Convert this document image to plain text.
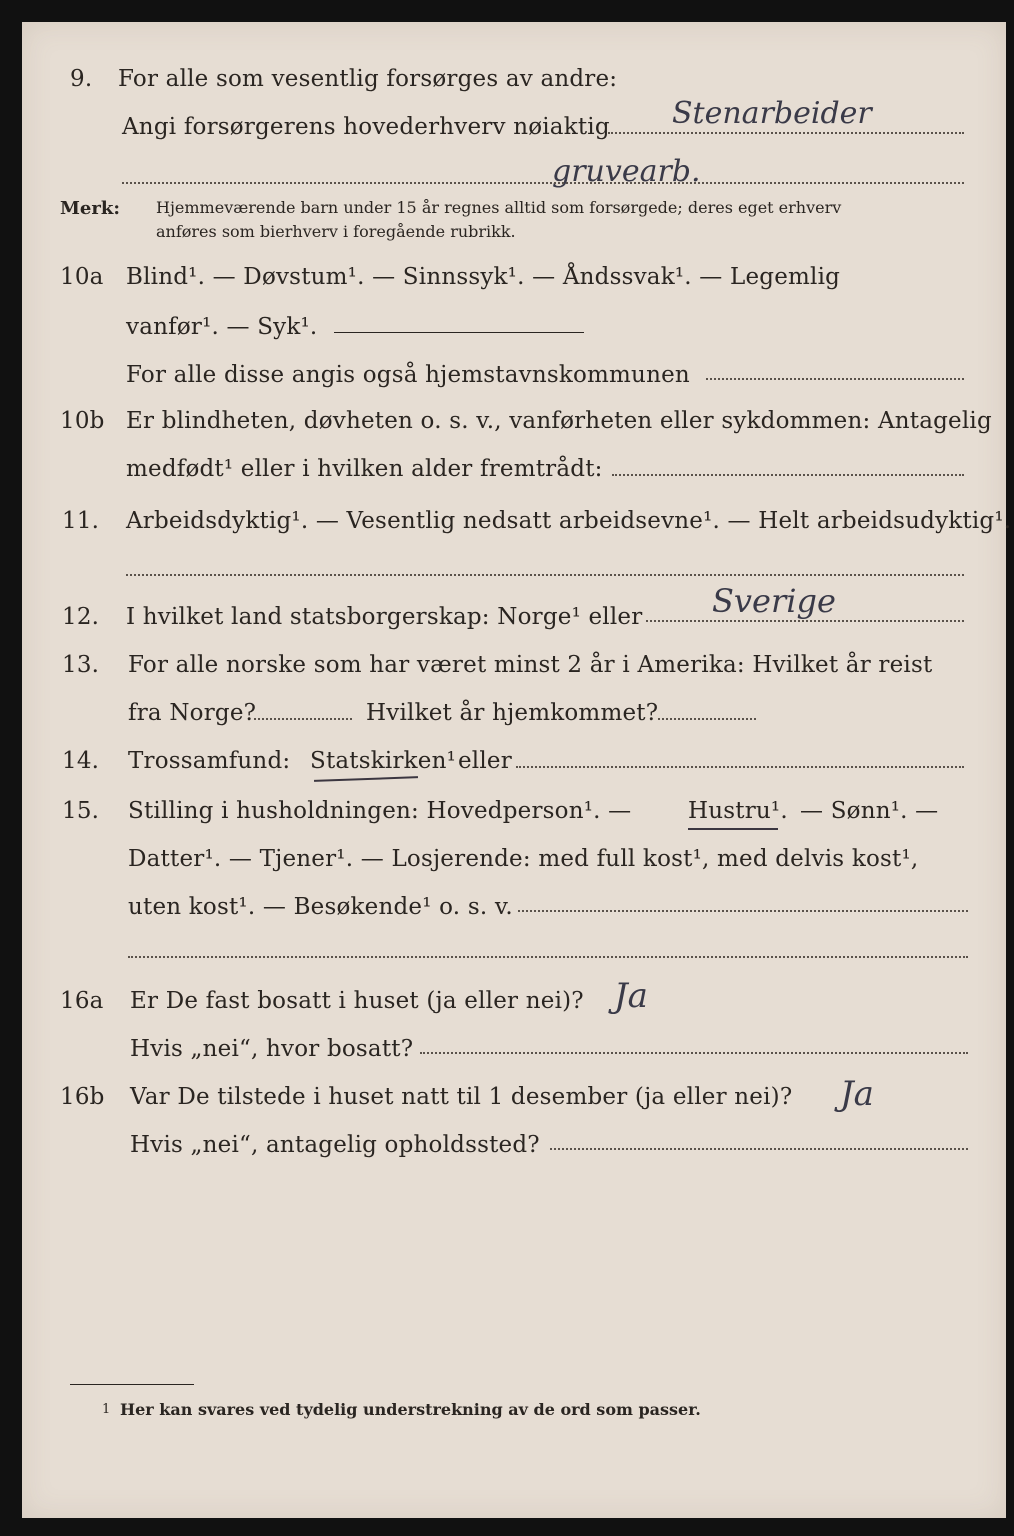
9. For alle som vesentlig forsørges av andre:
Angi forsørgerens hovederhverv nøiaktig Stenarbeider
gruvearb.
Merk: Hjemmeværende barn under 15 år regnes alltid som forsørgede; deres eget erhverv
anføres som bierhverv i foregående rubrikk.
10a Blind¹. — Døvstum¹. — Sinnssyk¹. — Åndssvak¹. — Legemlig
vanfør¹. — Syk¹.
For alle disse angis også hjemstavnskommunen
10b Er blindheten, døvheten o. s. v., vanførheten eller sykdommen: Antagelig
medfødt¹ eller i hvilken alder fremtrådt:
11. Arbeidsdyktig¹. — Vesentlig nedsatt arbeidsevne¹. — Helt arbeidsudyktig¹.
12. I hvilket land statsborgerskap: Norge¹ eller Sverige
13. For alle norske som har været minst 2 år i Amerika: Hvilket år reist
fra Norge?	Hvilket år hjemkommet?
14. Trossamfund: Statskirken¹ eller
15. Stilling i husholdningen: Hovedperson¹. — Hustru¹. — Sønn¹. —
Datter¹. — Tjener¹. — Losjerende: med full kost¹, med delvis kost¹,
uten kost¹. — Besøkende¹ o. s. v.
16a Er De fast bosatt i huset (ja eller nei)? Ja
Hvis „nei“, hvor bosatt?
16b Var De tilstede i huset natt til 1 desember (ja eller nei)? Ja
Hvis „nei“, antagelig opholdssted?
1 Her kan svares ved tydelig understrekning av de ord som passer.
